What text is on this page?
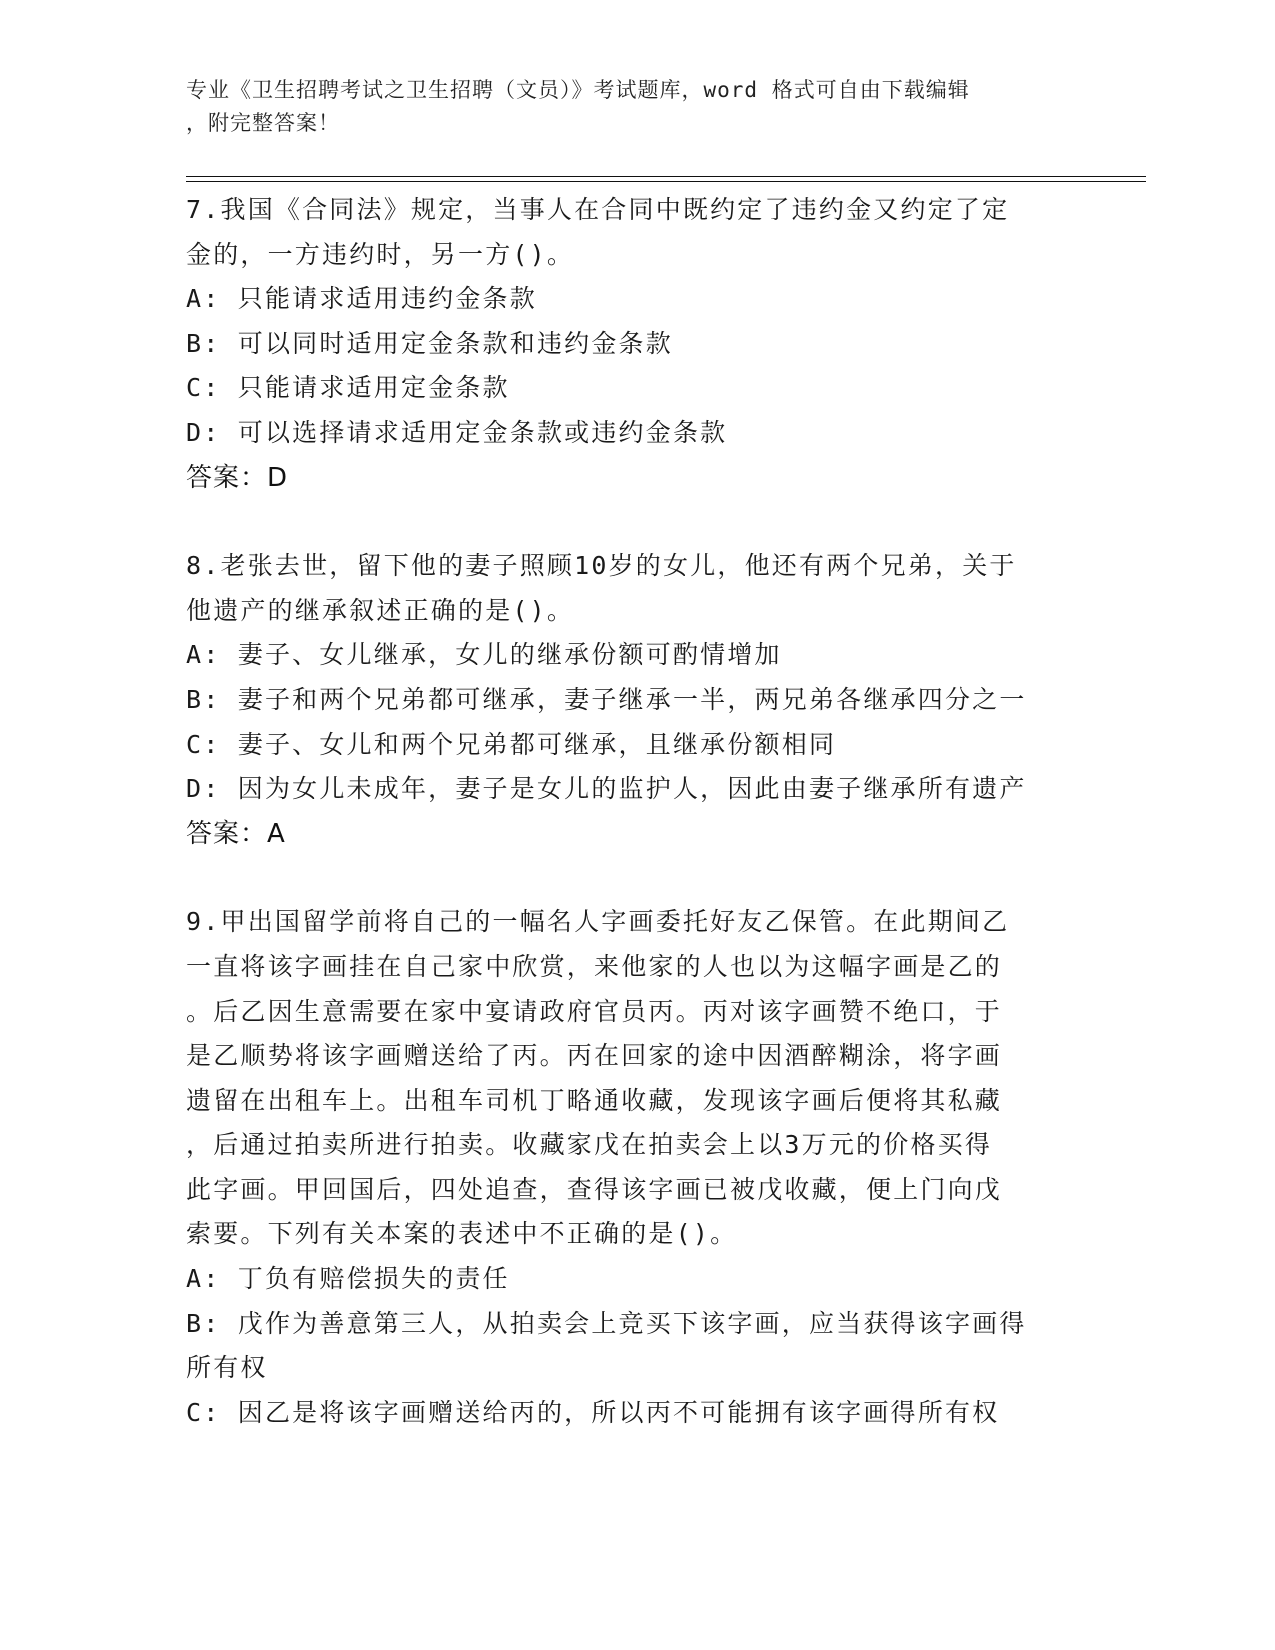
专业《卫生招聘考试之卫生招聘（文员）》考试题库，word 格式可自由下载编辑
，附完整答案！

7.我国《合同法》规定，当事人在合同中既约定了违约金又约定了定

金的，一方违约时，另一方()。

A: 只能请求适用违约金条款

B: 可以同时适用定金条款和违约金条款

C: 只能请求适用定金条款

D: 可以选择请求适用定金条款或违约金条款

答案：D

8.老张去世，留下他的妻子照顾10岁的女儿，他还有两个兄弟，关于

他遗产的继承叙述正确的是()。

A: 妻子、女儿继承，女儿的继承份额可酌情增加

B: 妻子和两个兄弟都可继承，妻子继承一半，两兄弟各继承四分之一

C: 妻子、女儿和两个兄弟都可继承，且继承份额相同

D: 因为女儿未成年，妻子是女儿的监护人，因此由妻子继承所有遗产

答案：A

9.甲出国留学前将自己的一幅名人字画委托好友乙保管。在此期间乙

一直将该字画挂在自己家中欣赏，来他家的人也以为这幅字画是乙的

。后乙因生意需要在家中宴请政府官员丙。丙对该字画赞不绝口，于

是乙顺势将该字画赠送给了丙。丙在回家的途中因酒醉糊涂，将字画

遗留在出租车上。出租车司机丁略通收藏，发现该字画后便将其私藏

，后通过拍卖所进行拍卖。收藏家戊在拍卖会上以3万元的价格买得

此字画。甲回国后，四处追查，查得该字画已被戊收藏，便上门向戊

索要。下列有关本案的表述中不正确的是()。

A: 丁负有赔偿损失的责任

B: 戊作为善意第三人，从拍卖会上竞买下该字画，应当获得该字画得

所有权

C: 因乙是将该字画赠送给丙的，所以丙不可能拥有该字画得所有权
